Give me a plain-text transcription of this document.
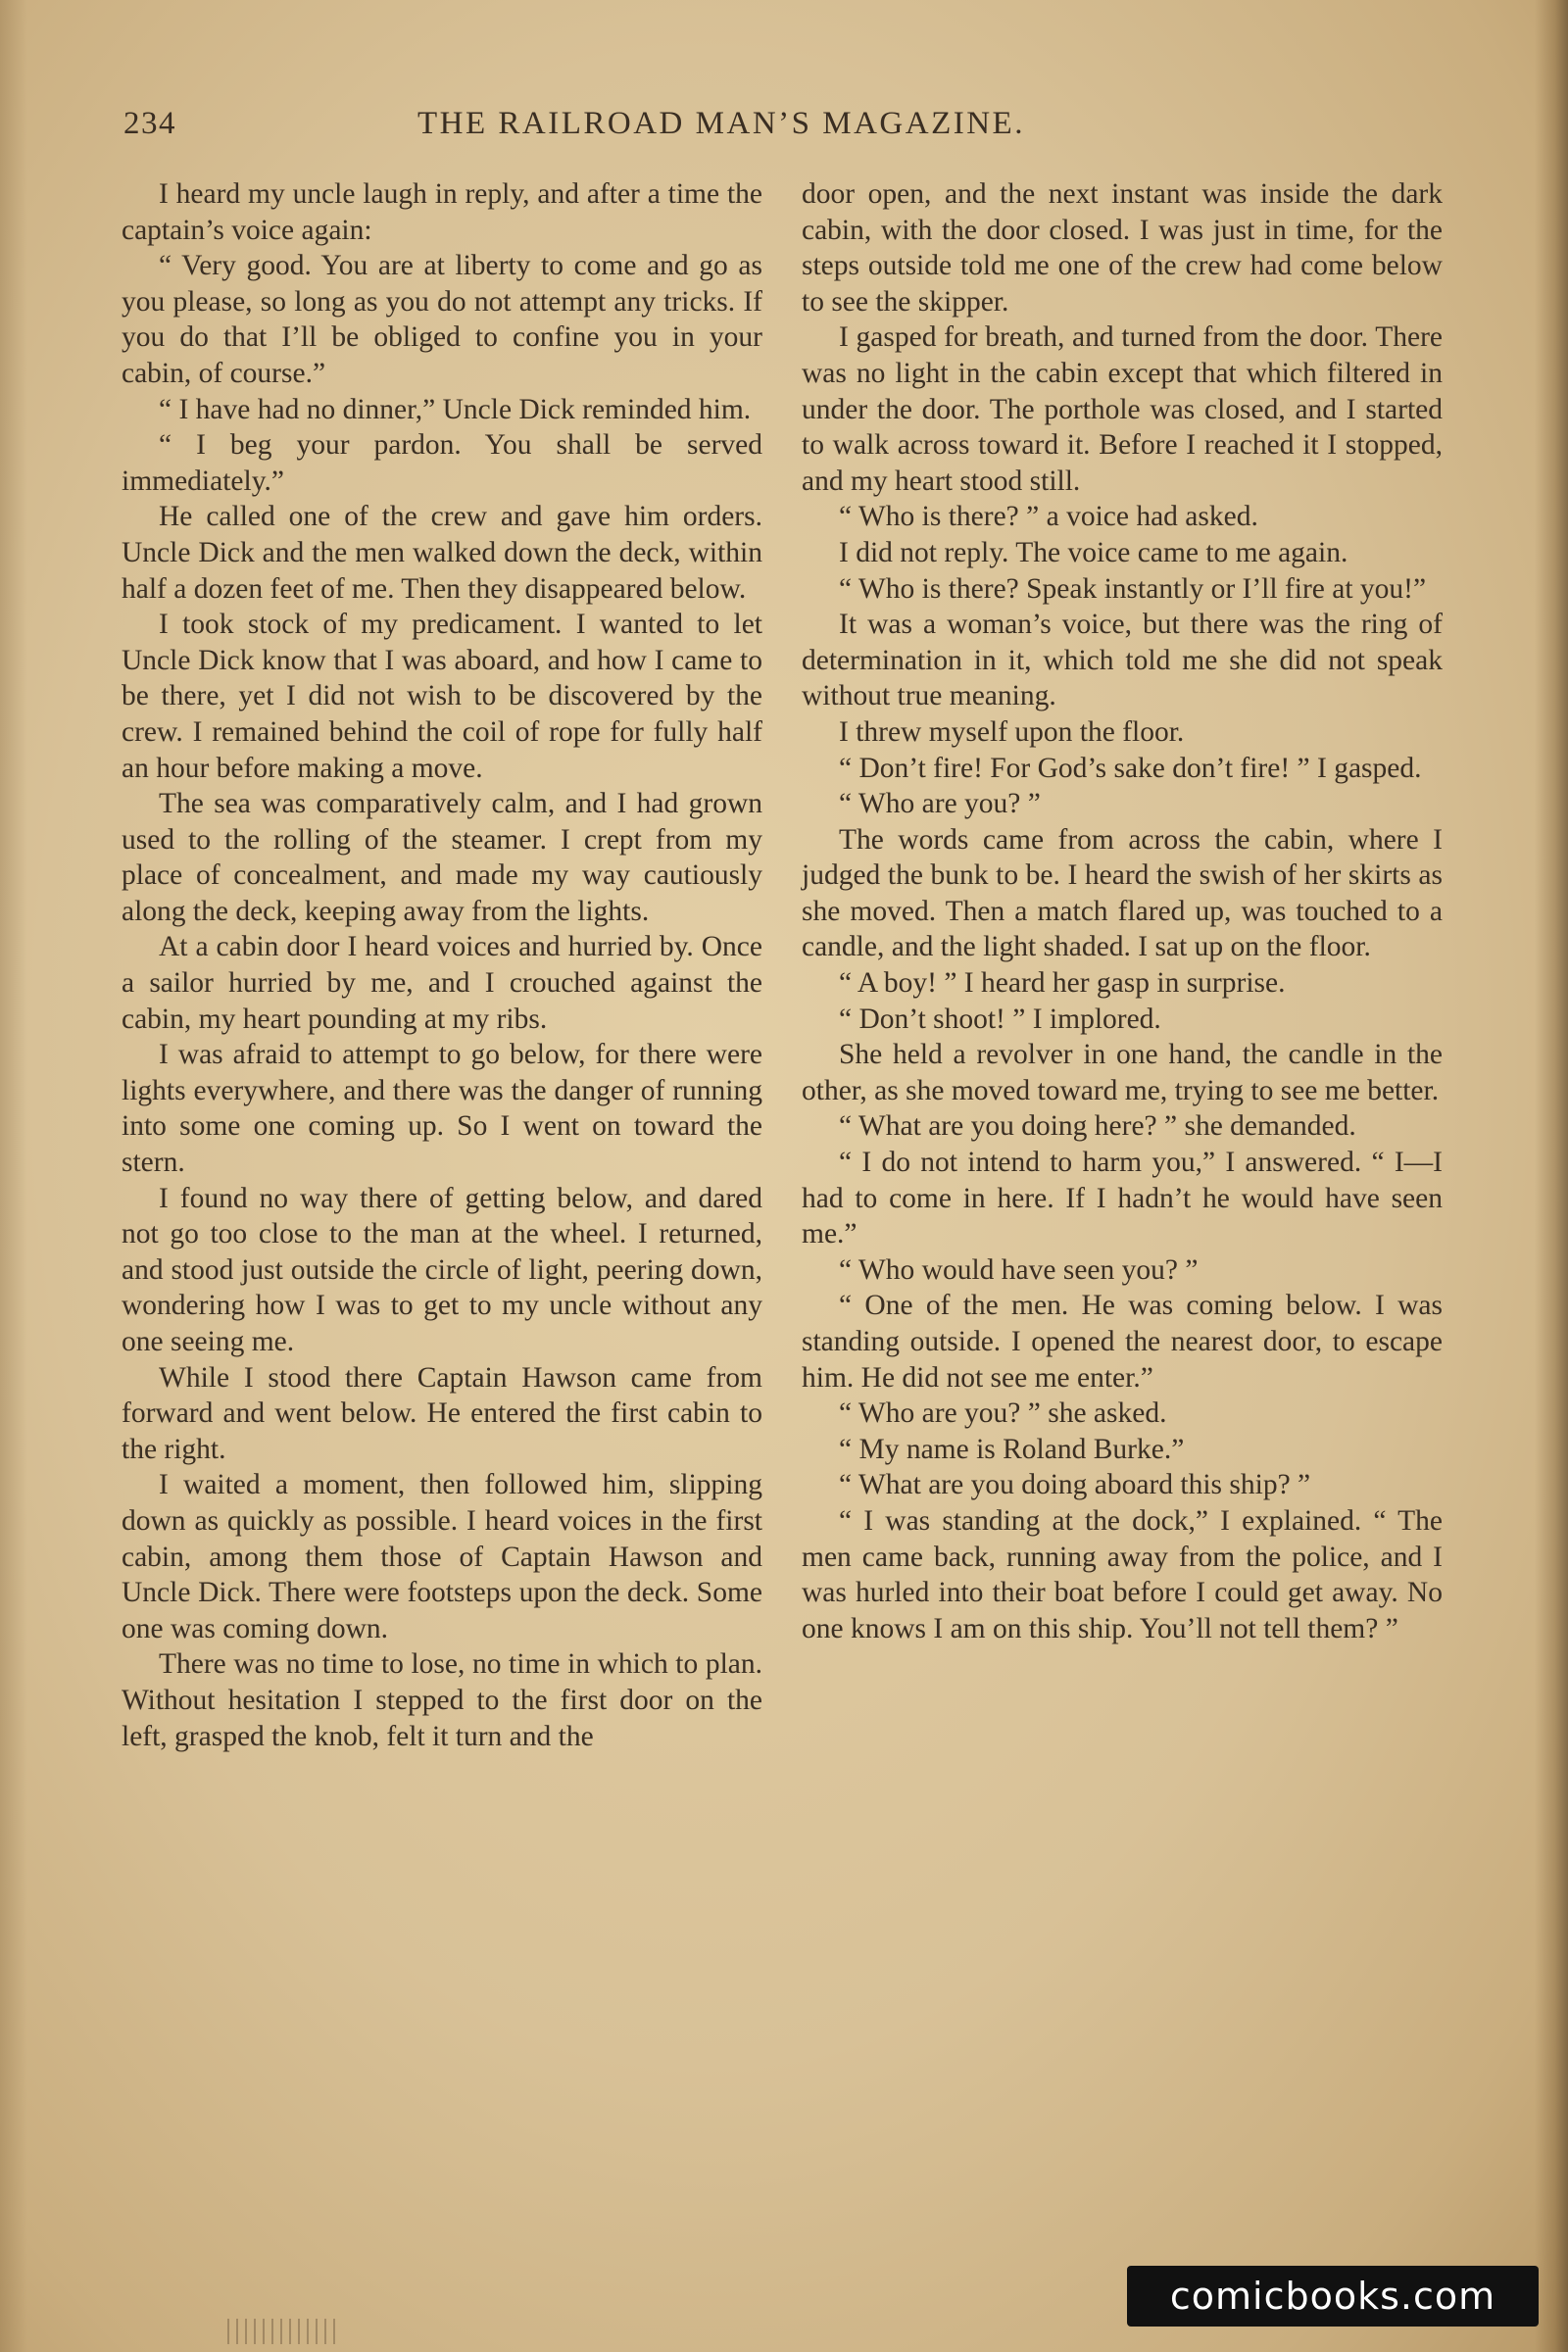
234	THE RAILROAD MAN’S MAGAZINE.

I heard my uncle laugh in reply, and after a time the captain’s voice again:

“ Very good. You are at liberty to come and go as you please, so long as you do not attempt any tricks. If you do that I’ll be obliged to confine you in your cabin, of course.”

“ I have had no dinner,” Uncle Dick reminded him.

“ I beg your pardon. You shall be served immediately.”

He called one of the crew and gave him orders. Uncle Dick and the men walked down the deck, within half a dozen feet of me. Then they disappeared below.

I took stock of my predicament. I wanted to let Uncle Dick know that I was aboard, and how I came to be there, yet I did not wish to be discovered by the crew. I remained behind the coil of rope for fully half an hour before making a move.

The sea was comparatively calm, and I had grown used to the rolling of the steamer. I crept from my place of concealment, and made my way cautiously along the deck, keeping away from the lights.

At a cabin door I heard voices and hurried by. Once a sailor hurried by me, and I crouched against the cabin, my heart pounding at my ribs.

I was afraid to attempt to go below, for there were lights everywhere, and there was the danger of running into some one coming up. So I went on toward the stern.

I found no way there of getting below, and dared not go too close to the man at the wheel. I returned, and stood just outside the circle of light, peering down, wondering how I was to get to my uncle without any one seeing me.

While I stood there Captain Hawson came from forward and went below. He entered the first cabin to the right.

I waited a moment, then followed him, slipping down as quickly as possible. I heard voices in the first cabin, among them those of Captain Hawson and Uncle Dick. There were footsteps upon the deck. Some one was coming down.

There was no time to lose, no time in which to plan. Without hesitation I stepped to the first door on the left, grasped the knob, felt it turn and the

door open, and the next instant was inside the dark cabin, with the door closed. I was just in time, for the steps outside told me one of the crew had come below to see the skipper.

I gasped for breath, and turned from the door. There was no light in the cabin except that which filtered in under the door. The porthole was closed, and I started to walk across toward it. Before I reached it I stopped, and my heart stood still.

“ Who is there? ” a voice had asked.

I did not reply. The voice came to me again.

“ Who is there? Speak instantly or I’ll fire at you!”

It was a woman’s voice, but there was the ring of determination in it, which told me she did not speak without true meaning.

I threw myself upon the floor.

“ Don’t fire! For God’s sake don’t fire! ” I gasped.

“ Who are you? ”

The words came from across the cabin, where I judged the bunk to be. I heard the swish of her skirts as she moved. Then a match flared up, was touched to a candle, and the light shaded. I sat up on the floor.

“ A boy! ” I heard her gasp in surprise.

“ Don’t shoot! ” I implored.

She held a revolver in one hand, the candle in the other, as she moved toward me, trying to see me better.

“ What are you doing here? ” she demanded.

“ I do not intend to harm you,” I answered. “ I—I had to come in here. If I hadn’t he would have seen me.”

“ Who would have seen you? ”

“ One of the men. He was coming below. I was standing outside. I opened the nearest door, to escape him. He did not see me enter.”

“ Who are you? ” she asked.

“ My name is Roland Burke.”

“ What are you doing aboard this ship? ”

“ I was standing at the dock,” I explained. “ The men came back, running away from the police, and I was hurled into their boat before I could get away. No one knows I am on this ship. You’ll not tell them? ”

comicbooks.com
